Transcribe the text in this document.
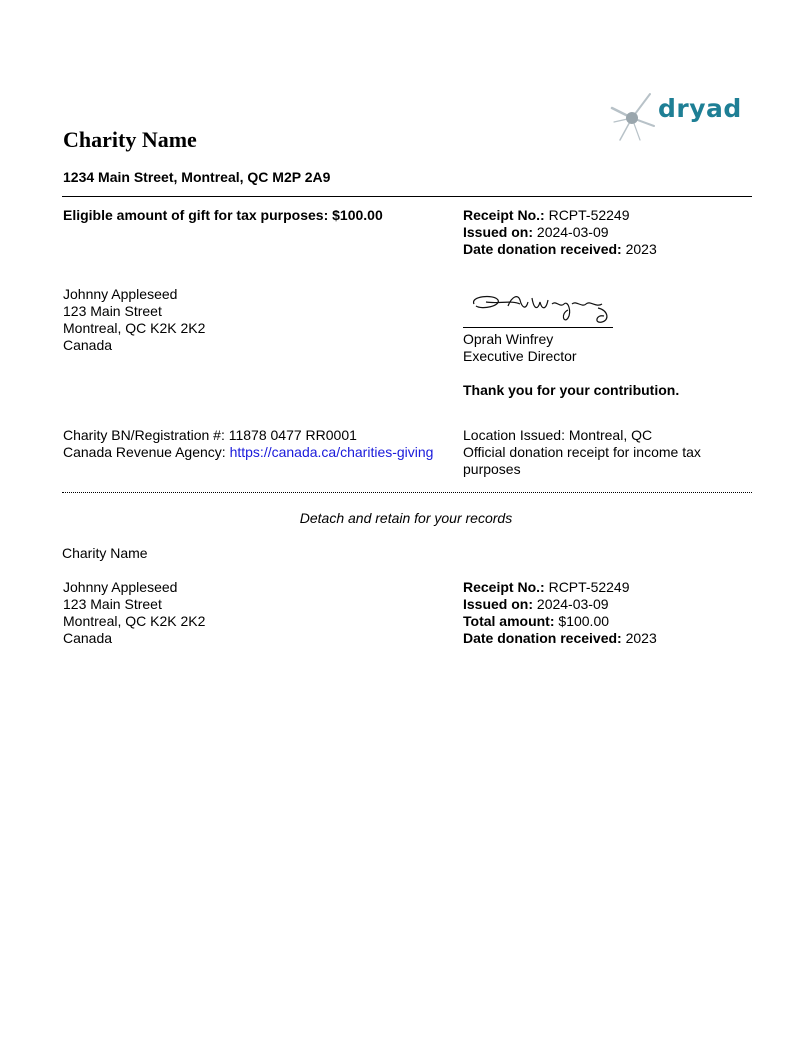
dryad
Charity Name
1234 Main Street, Montreal, QC M2P 2A9
Eligible amount of gift for tax purposes: $100.00	Receipt No.: RCPT-52249
Issued on: 2024-03-09
Date donation received: 2023
Johnny Appleseed
123 Main Street
Montreal, QC K2K 2K2
Canada	Oprah Winfrey
Executive Director
Thank you for your contribution.
Charity BN/Registration #: 11878 0477 RR0001
Canada Revenue Agency: https://canada.ca/charities-giving
Location Issued: Montreal, QC
Official donation receipt for income tax
purposes
Detach and retain for your records
Charity Name
Johnny Appleseed
123 Main Street
Montreal, QC K2K 2K2
Canada
Receipt No.: RCPT-52249
Issued on: 2024-03-09
Total amount: $100.00
Date donation received: 2023
